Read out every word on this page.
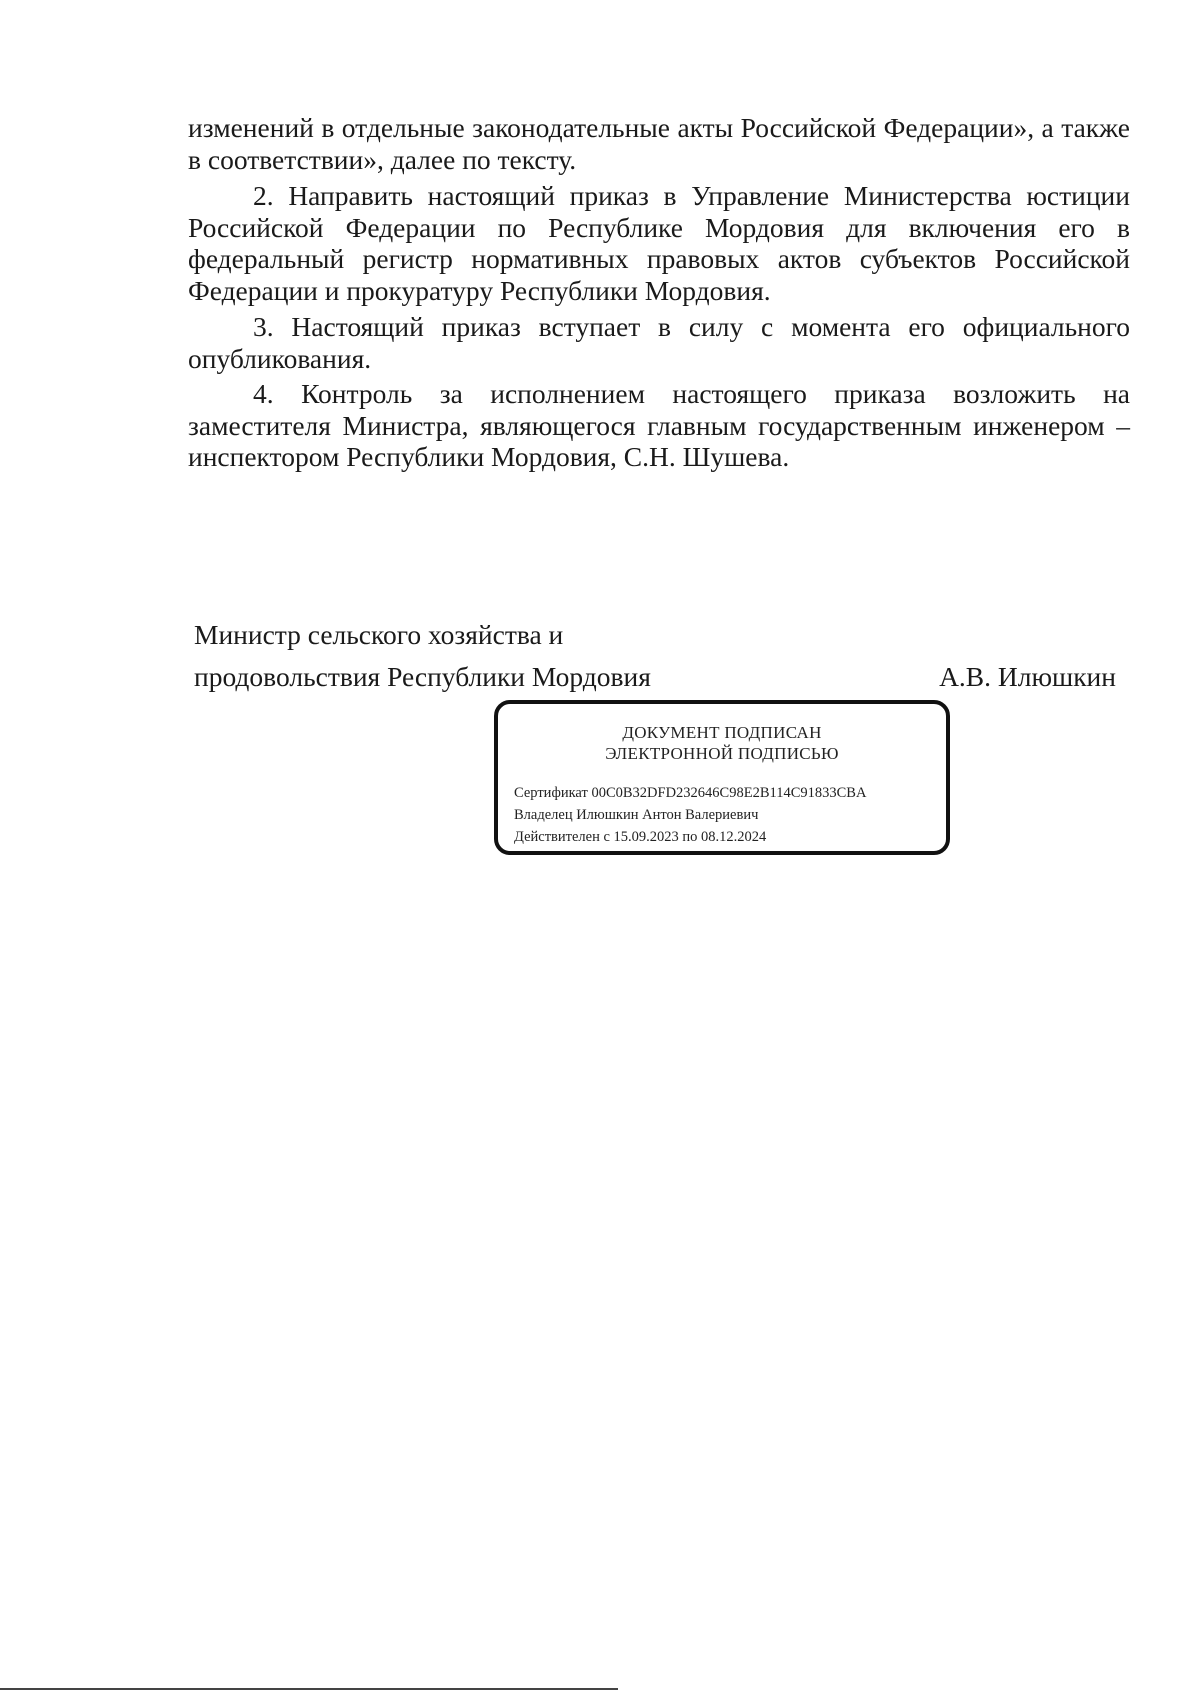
изменений в отдельные законодательные акты Российской Федерации», а также в соответствии», далее по тексту.

2. Направить настоящий приказ в Управление Министерства юстиции Российской Федерации по Республике Мордовия для включения его в федеральный регистр нормативных правовых актов субъектов Российской Федерации и прокуратуру Республики Мордовия.

3. Настоящий приказ вступает в силу с момента его официального опубликования.

4. Контроль за исполнением настоящего приказа возложить на заместителя Министра, являющегося главным государственным инженером – инспектором Республики Мордовия, С.Н. Шушева.

Министр сельского хозяйства и
продовольствия Республики Мордовия	А.В. Илюшкин
ДОКУМЕНТ ПОДПИСАН
ЭЛЕКТРОННОЙ ПОДПИСЬЮ
Сертификат 00C0B32DFD232646C98E2B114C91833CBA
Владелец Илюшкин Антон Валериевич
Действителен с 15.09.2023 по 08.12.2024
